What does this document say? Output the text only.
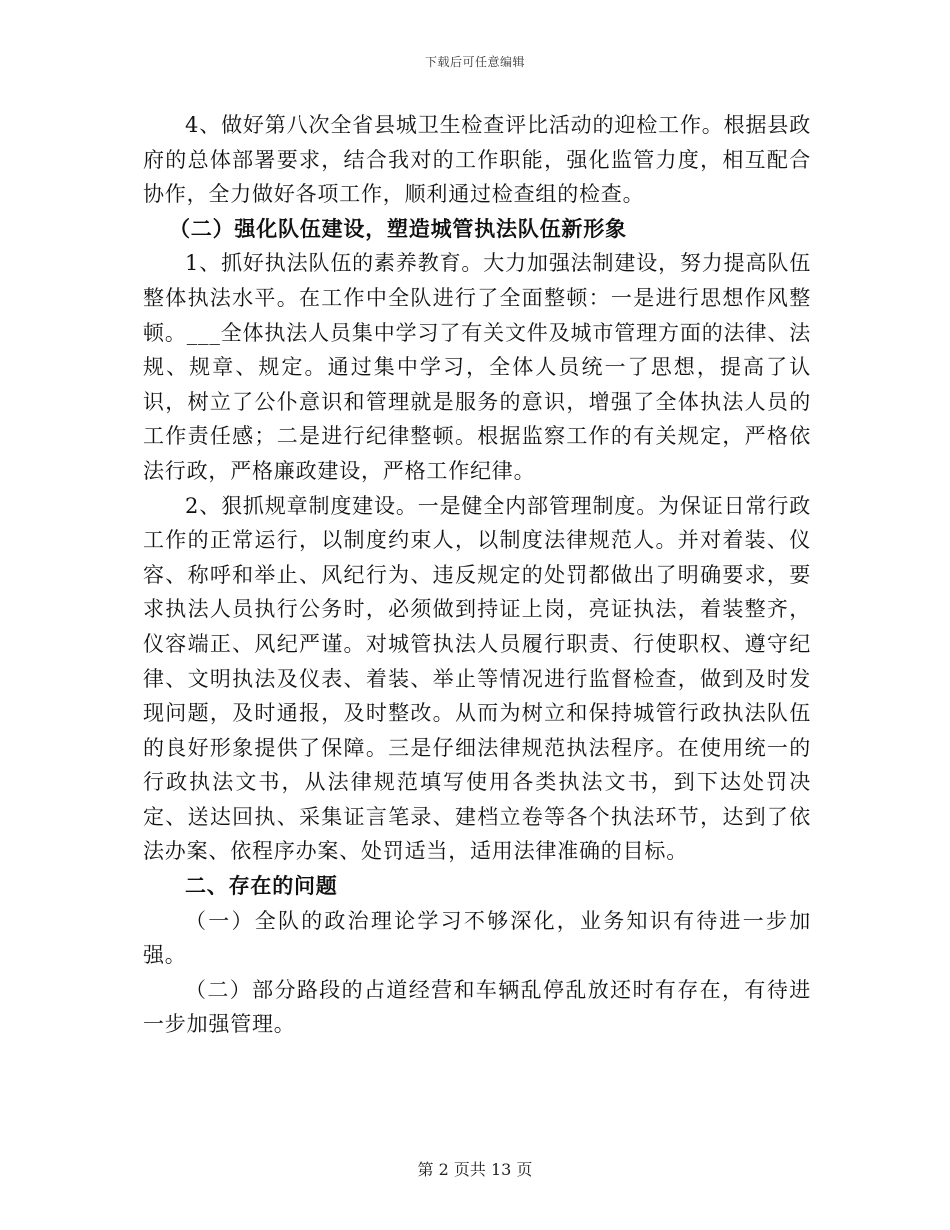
下载后可任意编辑

4、做好第八次全省县城卫生检查评比活动的迎检工作。根据县政府的总体部署要求，结合我对的工作职能，强化监管力度，相互配合协作，全力做好各项工作，顺利通过检查组的检查。

（二）强化队伍建设，塑造城管执法队伍新形象

1、抓好执法队伍的素养教育。大力加强法制建设，努力提高队伍整体执法水平。在工作中全队进行了全面整顿：一是进行思想作风整顿。___全体执法人员集中学习了有关文件及城市管理方面的法律、法规、规章、规定。通过集中学习，全体人员统一了思想，提高了认识，树立了公仆意识和管理就是服务的意识，增强了全体执法人员的工作责任感；二是进行纪律整顿。根据监察工作的有关规定，严格依法行政，严格廉政建设，严格工作纪律。

2、狠抓规章制度建设。一是健全内部管理制度。为保证日常行政工作的正常运行，以制度约束人，以制度法律规范人。并对着装、仪容、称呼和举止、风纪行为、违反规定的处罚都做出了明确要求，要求执法人员执行公务时，必须做到持证上岗，亮证执法，着装整齐，仪容端正、风纪严谨。对城管执法人员履行职责、行使职权、遵守纪律、文明执法及仪表、着装、举止等情况进行监督检查，做到及时发现问题，及时通报，及时整改。从而为树立和保持城管行政执法队伍的良好形象提供了保障。三是仔细法律规范执法程序。在使用统一的行政执法文书，从法律规范填写使用各类执法文书，到下达处罚决定、送达回执、采集证言笔录、建档立卷等各个执法环节，达到了依法办案、依程序办案、处罚适当，适用法律准确的目标。

二、存在的问题

（一）全队的政治理论学习不够深化，业务知识有待进一步加强。

（二）部分路段的占道经营和车辆乱停乱放还时有存在，有待进一步加强管理。

第 2 页共 13 页
